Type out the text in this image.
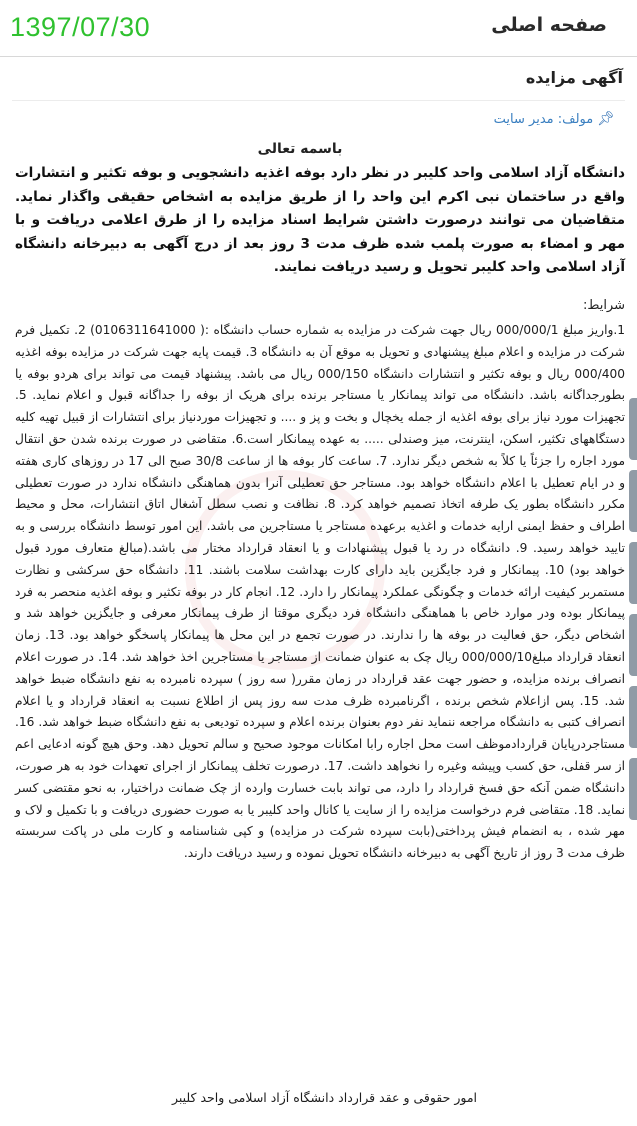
1397/07/30	صفحه اصلی
آگهی مزایده
📌︎
مولف: مدیر سایت
باسمه تعالی
دانشگاه آزاد اسلامی واحد کلیبر در نظر دارد بوفه اغذیه دانشجویی و بوفه تکثیر و انتشارات واقع در ساختمان نبی اکرم این واحد را از طریق مزایده به اشخاص حقیقی واگذار نماید. متقاضیان می توانند درصورت داشتن شرایط اسناد مزایده را از طرق اعلامی دریافت و با مهر و امضاء به صورت پلمب شده ظرف مدت 3 روز بعد از درج آگهی به دبیرخانه دانشگاه آزاد اسلامی واحد کلیبر تحویل و رسید دریافت نمایند.
شرایط:
1.واریز مبلغ 000/000/1 ریال جهت شرکت در مزایده به شماره حساب دانشگاه :( 0106311641000) 2. تکمیل فرم شرکت در مزایده و اعلام مبلغ پیشنهادی و تحویل به موقع آن به دانشگاه 3. قیمت پایه جهت شرکت در مزایده بوفه اغذیه 000/400 ریال و بوفه تکثیر و انتشارات دانشگاه 000/150 ریال می باشد. پیشنهاد قیمت می تواند برای هردو بوفه یا بطورجداگانه باشد. دانشگاه می تواند پیمانکار یا مستاجر برنده برای هریک از بوفه را جداگانه قبول و اعلام نماید. 5. تجهیزات مورد نیاز برای بوفه اغذیه از جمله یخچال و بخت و پز و .... و تجهیزات موردنیاز برای انتشارات از قبیل تهیه کلیه دستگاههای تکثیر، اسکن، اینترنت، میز وصندلی ..... به عهده پیمانکار است.6. متقاضی در صورت برنده شدن حق انتقال مورد اجاره را جزئاً یا کلاً به شخص دیگر ندارد. 7. ساعت کار بوفه ها از ساعت 30/8 صبح الی 17 در روزهای کاری هفته و در ایام تعطیل با اعلام دانشگاه خواهد بود. مستاجر حق تعطیلی آنرا بدون هماهنگی دانشگاه ندارد در صورت تعطیلی مکرر دانشگاه بطور یک طرفه اتخاذ تصمیم خواهد کرد. 8. نظافت و نصب سطل آشغال اتاق انتشارات، محل و محیط اطراف و حفظ ایمنی ارایه خدمات و اغذیه برعهده مستاجر یا مستاجرین می باشد. این امور توسط دانشگاه بررسی و به تایید خواهد رسید. 9. دانشگاه در رد یا قبول پیشنهادات و یا انعقاد قرارداد مختار می باشد.(مبالغ متعارف مورد قبول خواهد بود) 10. پیمانکار و فرد جایگزین باید دارای کارت بهداشت سلامت باشند. 11. دانشگاه حق سرکشی و نظارت مستمربر کیفیت ارائه خدمات و چگونگی عملکرد پیمانکار را دارد. 12. انجام کار در بوفه تکثیر و بوفه اغذیه منحصر به فرد پیمانکار بوده ودر موارد خاص با هماهنگی دانشگاه فرد دیگری موقتا از طرف پیمانکار معرفی و جایگزین خواهد شد و اشخاص دیگر، حق فعالیت در بوفه ها را ندارند. در صورت تجمع در این محل ها پیمانکار پاسخگو خواهد بود. 13. زمان انعقاد قرارداد مبلغ000/000/10 ریال چک به عنوان ضمانت از مستاجر یا مستاجرین اخذ خواهد شد. 14. در صورت اعلام انصراف برنده مزایده، و حضور جهت عقد قرارداد در زمان مقرر( سه روز ) سپرده نامبرده به نفع دانشگاه ضبط خواهد شد. 15. پس ازاعلام شخص برنده ، اگرنامبرده ظرف مدت سه روز پس از اطلاع نسبت به انعقاد قرارداد و یا اعلام انصراف کتبی به دانشگاه مراجعه ننماید نفر دوم بعنوان برنده اعلام و سپرده تودیعی به نفع دانشگاه ضبط خواهد شد. 16. مستاجردرپایان قراردادموظف است محل اجاره رابا امکانات موجود صحیح و سالم تحویل دهد. وحق هیچ گونه ادعایی اعم از سر قفلی، حق کسب وپیشه وغیره را نخواهد داشت. 17. درصورت تخلف پیمانکار از اجرای تعهدات خود به هر صورت، دانشگاه ضمن آنکه حق فسخ قرارداد را دارد، می تواند بابت خسارت وارده از چک ضمانت دراختیار، به نحو مقتضی کسر نماید. 18. متقاضی فرم درخواست مزایده را از سایت یا کانال واحد کلیبر یا به صورت حضوری دریافت و با تکمیل و لاک و مهر شده ، به انضمام فیش پرداختی(بابت سپرده شرکت در مزایده) و کپی شناسنامه و کارت ملی در پاکت سربسته ظرف مدت 3 روز از تاریخ آگهی به دبیرخانه دانشگاه تحویل نموده و رسید دریافت دارند.
امور حقوقی و عقد قرارداد دانشگاه آزاد اسلامی واحد کلیبر
